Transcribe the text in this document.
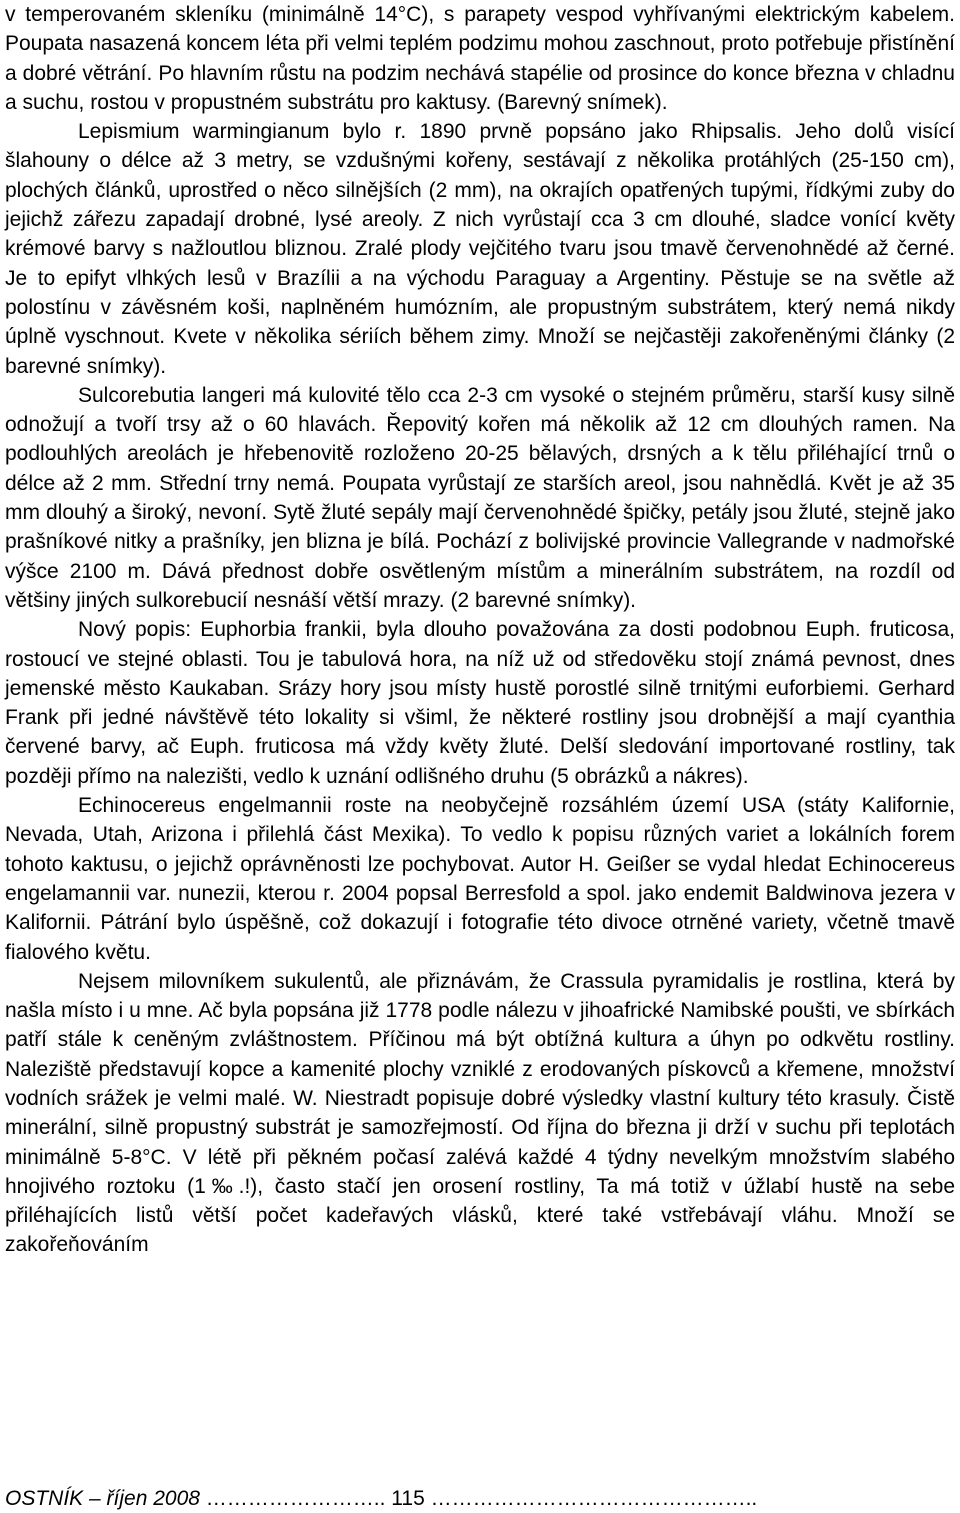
v temperovaném skleníku (minimálně 14°C), s parapety vespod vyhřívanými elektrickým kabelem. Poupata nasazená koncem léta při velmi teplém podzimu mohou zaschnout, proto potřebuje přistínění a dobré větrání. Po hlavním růstu na podzim nechává stapélie od prosince do konce března v chladnu a suchu, rostou v propustném substrátu pro kaktusy. (Barevný snímek).

Lepismium warmingianum bylo r. 1890 prvně popsáno jako Rhipsalis. Jeho dolů visící šlahouny o délce až 3 metry, se vzdušnými kořeny, sestávají z několika protáhlých (25-150 cm), plochých článků, uprostřed o něco silnějších (2 mm), na okrajích opatřených tupými, řídkými zuby do jejichž zářezu zapadají drobné, lysé areoly. Z nich vyrůstají cca 3 cm dlouhé, sladce vonící květy krémové barvy s nažloutlou bliznou. Zralé plody vejčitého tvaru jsou tmavě červenohnědé až černé. Je to epifyt vlhkých lesů v Brazílii a na východu Paraguay a Argentiny. Pěstuje se na světle až polostínu v závěsném koši, naplněném humózním, ale propustným substrátem, který nemá nikdy úplně vyschnout. Kvete v několika sériích během zimy. Množí se nejčastěji zakořeněnými články (2 barevné snímky).

Sulcorebutia langeri má kulovité tělo cca 2-3 cm vysoké o stejném průměru, starší kusy silně odnožují a tvoří trsy až o 60 hlavách. Řepovitý kořen má několik až 12 cm dlouhých ramen. Na podlouhlých areolách je hřebenovitě rozloženo 20-25 bělavých, drsných a k tělu přiléhající trnů o délce až 2 mm. Střední trny nemá. Poupata vyrůstají ze starších areol, jsou nahnědlá. Květ je až 35 mm dlouhý a široký, nevoní. Sytě žluté sepály mají červenohnědé špičky, petály jsou žluté, stejně jako prašníkové nitky a prašníky, jen blizna je bílá. Pochází z bolivijské provincie Vallegrande v nadmořské výšce 2100 m. Dává přednost dobře osvětleným místům a minerálním substrátem, na rozdíl od většiny jiných sulkorebucií nesnáší větší mrazy. (2 barevné snímky).

Nový popis: Euphorbia frankii, byla dlouho považována za dosti podobnou Euph. fruticosa, rostoucí ve stejné oblasti. Tou je tabulová hora, na níž už od středověku stojí známá pevnost, dnes jemenské město Kaukaban. Srázy hory jsou místy hustě porostlé silně trnitými euforbiemi. Gerhard Frank při jedné návštěvě této lokality si všiml, že některé rostliny jsou drobnější a mají cyanthia červené barvy, ač Euph. fruticosa má vždy květy žluté. Delší sledování importované rostliny, tak později přímo na nalezišti, vedlo k uznání odlišného druhu (5 obrázků a nákres).

Echinocereus engelmannii roste na neobyčejně rozsáhlém území USA (státy Kalifornie, Nevada, Utah, Arizona i přilehlá část Mexika). To vedlo k popisu různých variet a lokálních forem tohoto kaktusu, o jejichž oprávněnosti lze pochybovat. Autor H. Geißer se vydal hledat Echinocereus engelamannii var. nunezii, kterou r. 2004 popsal Berresfold a spol. jako endemit Baldwinova jezera v Kalifornii. Pátrání bylo úspěšně, což dokazují i fotografie této divoce otrněné variety, včetně tmavě fialového květu.

Nejsem milovníkem sukulentů, ale přiznávám, že Crassula pyramidalis je rostlina, která by našla místo i u mne. Ač byla popsána již 1778 podle nálezu v jihoafrické Namibské poušti, ve sbírkách patří stále k ceněným zvláštnostem. Příčinou má být obtížná kultura a úhyn po odkvětu rostliny. Naleziště představují kopce a kamenité plochy vzniklé z erodovaných pískovců a křemene, množství vodních srážek je velmi malé. W. Niestradt popisuje dobré výsledky vlastní kultury této krasuly. Čistě minerální, silně propustný substrát je samozřejmostí. Od října do března ji drží v suchu při teplotách minimálně 5-8°C. V létě při pěkném počasí zalévá každé 4 týdny nevelkým množstvím slabého hnojivého roztoku (1‰.!), často stačí jen orosení rostliny, Ta má totiž v úžlabí hustě na sebe přiléhajících listů větší počet kadeřavých vlásků, které také vstřebávají vláhu. Množí se zakořeňováním

OSTNÍK – říjen 2008 …………………….. 115 ………………………………………..
